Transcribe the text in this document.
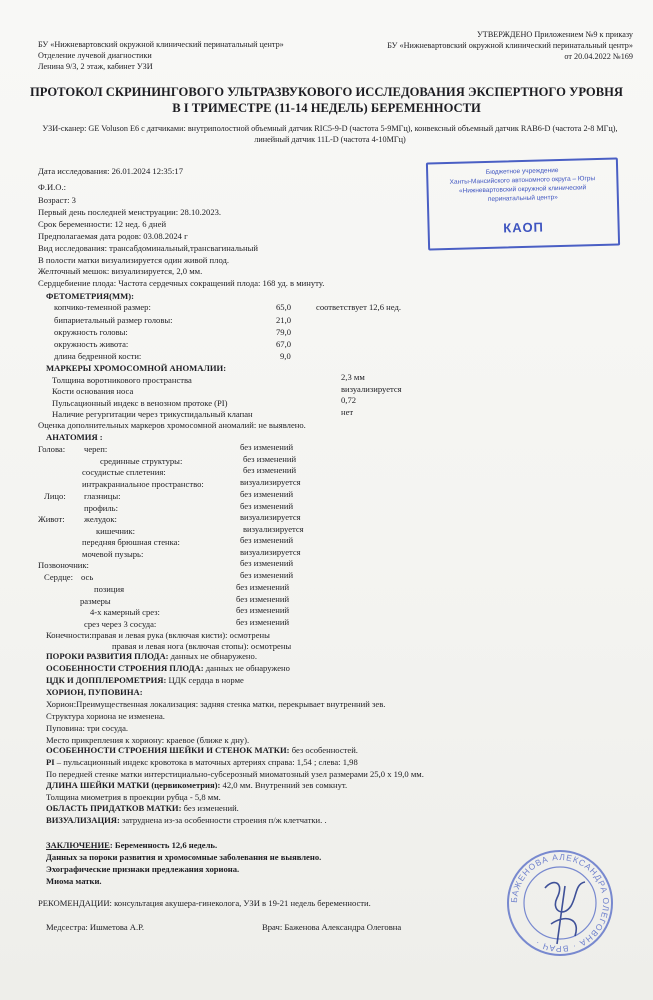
БУ «Нижневартовский окружной клинический перинатальный центр»
Отделение лучевой диагностики
Ленина 9/3, 2 этаж, кабинет УЗИ
УТВЕРЖДЕНО Приложением №9 к приказу
БУ «Нижневартовский окружной клинический перинатальный центр»
от 20.04.2022 №169
ПРОТОКОЛ СКРИНИНГОВОГО УЛЬТРАЗВУКОВОГО ИССЛЕДОВАНИЯ ЭКСПЕРТНОГО УРОВНЯ
В I ТРИМЕСТРЕ (11-14 НЕДЕЛЬ) БЕРЕМЕННОСТИ
УЗИ-сканер: GE Voluson E6 с датчиками: внутриполостной объемный датчик RIC5-9-D (частота 5-9МГц), конвексный объемный датчик RAB6-D (частота 2-8 МГц), линейный датчик 11L-D (частота 4-10МГц)
Бюджетное учреждение
Ханты-Мансийского автономного округа – Югры
«Нижневартовский окружной клинический
перинатальный центр»
КАОП
Дата исследования: 26.01.2024 12:35:17
Ф.И.О.:
Возраст: 3
Первый день последней менструации: 28.10.2023.
Срок беременности: 12 нед. 6 дней
Предполагаемая дата родов: 03.08.2024 г
Вид исследования: трансабдоминальный,трансвагинальный
В полости матки визуализируется один живой плод.
Желточный мешок: визуализируется, 2,0 мм.
Сердцебиение плода: Частота сердечных сокращений плода: 168 уд. в минуту.
ФЕТОМЕТРИЯ(ММ):
копчико-теменной размер:	65,0	соответствует 12,6 нед.
бипариетальный размер головы:	21,0
окружность головы:	79,0
окружность живота:	67,0
длина бедренной кости:	9,0
МАРКЕРЫ ХРОМОСОМНОЙ АНОМАЛИИ:
Толщина воротникового пространства	2,3 мм
Кости основания носа	визуализируется
Пульсационный индекс в венозном протоке (PI)	0,72
Наличие регургитации через трикуспидальный клапан	нет
Оценка дополнительных маркеров хромосомной аномалий: не выявлено.
АНАТОМИЯ :
Голова: череп:	без изменений
срединные структуры:	без изменений
сосудистые сплетения:	без изменений
интракраниальное пространство:	визуализируется
Лицо: глазницы:	без изменений
профиль:	без изменений
Живот: желудок:	визуализируется
кишечник:	визуализируется
передняя брюшная стенка:	без изменений
мочевой пузырь:	визуализируется
Позвоночник:	без изменений
Сердце: ось	без изменений
позиция	без изменений
размеры	без изменений
4-х камерный срез:	без изменений
срез через 3 сосуда:	без изменений
Конечности:правая и левая рука (включая кисти): осмотрены
правая и левая нога (включая стопы): осмотрены
ПОРОКИ РАЗВИТИЯ ПЛОДА: данных не обнаружено.
ОСОБЕННОСТИ СТРОЕНИЯ ПЛОДА: данных не обнаружено
ЦДК И ДОППЛЕРОМЕТРИЯ: ЦДК сердца в норме
ХОРИОН, ПУПОВИНА:
Хорион:Преимущественная локализация: задняя стенка матки, перекрывает внутренний зев.
Структура хориона не изменена.
Пуповина: три сосуда.
Место прикрепления к хориону: краевое (ближе к дну).
ОСОБЕННОСТИ СТРОЕНИЯ ШЕЙКИ И СТЕНОК МАТКИ: без особенностей.
PI – пульсационный индекс кровотока в маточных артериях справа: 1,54 ; слева: 1,98
По передней стенке матки интерстициально-субсерозный миоматозный узел размерами 25,0 х 19,0 мм.
ДЛИНА ШЕЙКИ МАТКИ (цервикометрия): 42,0 мм. Внутренний зев сомкнут.
Толщина миометрия в проекции рубца - 5,8 мм.
ОБЛАСТЬ ПРИДАТКОВ МАТКИ: без изменений.
ВИЗУАЛИЗАЦИЯ: затруднена из-за особенности строения п/ж клетчатки. .
ЗАКЛЮЧЕНИЕ: Беременность 12,6 недель.
Данных за пороки развития и хромосомные заболевания не выявлено.
Эхографические признаки предлежания хориона.
Миома матки.
РЕКОМЕНДАЦИИ: консультация акушера-гинеколога, УЗИ в 19-21 недель беременности.
Медсестра: Ишметова А.Р.	Врач: Баженова Александра Олеговна
БАЖЕНОВА АЛЕКСАНДРА ОЛЕГОВНА · ВРАЧ ·
